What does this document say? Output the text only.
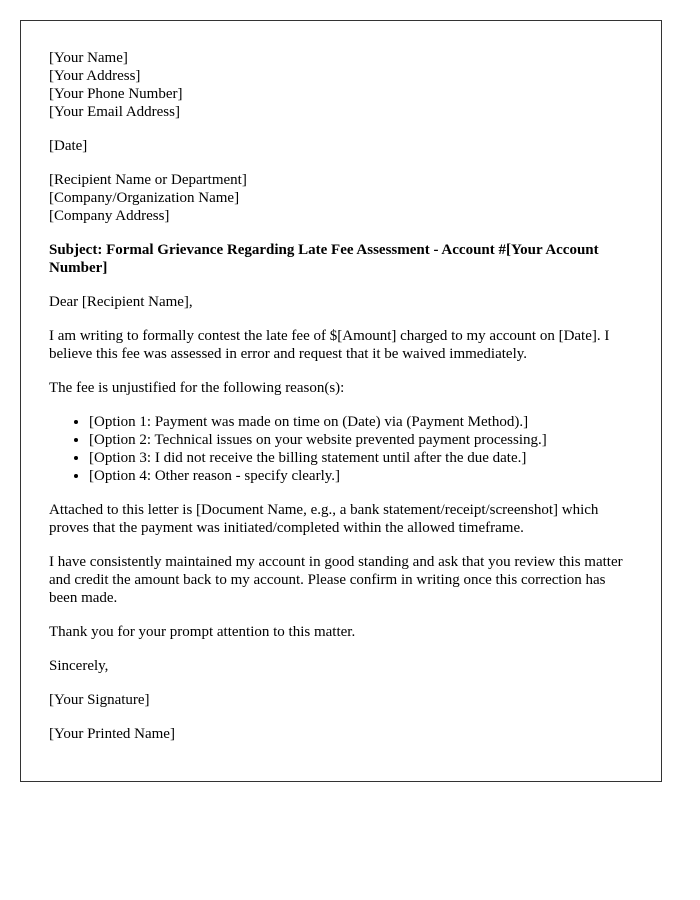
[Your Name]
[Your Address]
[Your Phone Number]
[Your Email Address]

[Date]

[Recipient Name or Department]
[Company/Organization Name]
[Company Address]

Subject: Formal Grievance Regarding Late Fee Assessment - Account #[Your Account Number]

Dear [Recipient Name],

I am writing to formally contest the late fee of $[Amount] charged to my account on [Date]. I believe this fee was assessed in error and request that it be waived immediately.

The fee is unjustified for the following reason(s):

• [Option 1: Payment was made on time on (Date) via (Payment Method).]
• [Option 2: Technical issues on your website prevented payment processing.]
• [Option 3: I did not receive the billing statement until after the due date.]
• [Option 4: Other reason - specify clearly.]

Attached to this letter is [Document Name, e.g., a bank statement/receipt/screenshot] which proves that the payment was initiated/completed within the allowed timeframe.

I have consistently maintained my account in good standing and ask that you review this matter and credit the amount back to my account. Please confirm in writing once this correction has been made.

Thank you for your prompt attention to this matter.

Sincerely,

[Your Signature]

[Your Printed Name]
